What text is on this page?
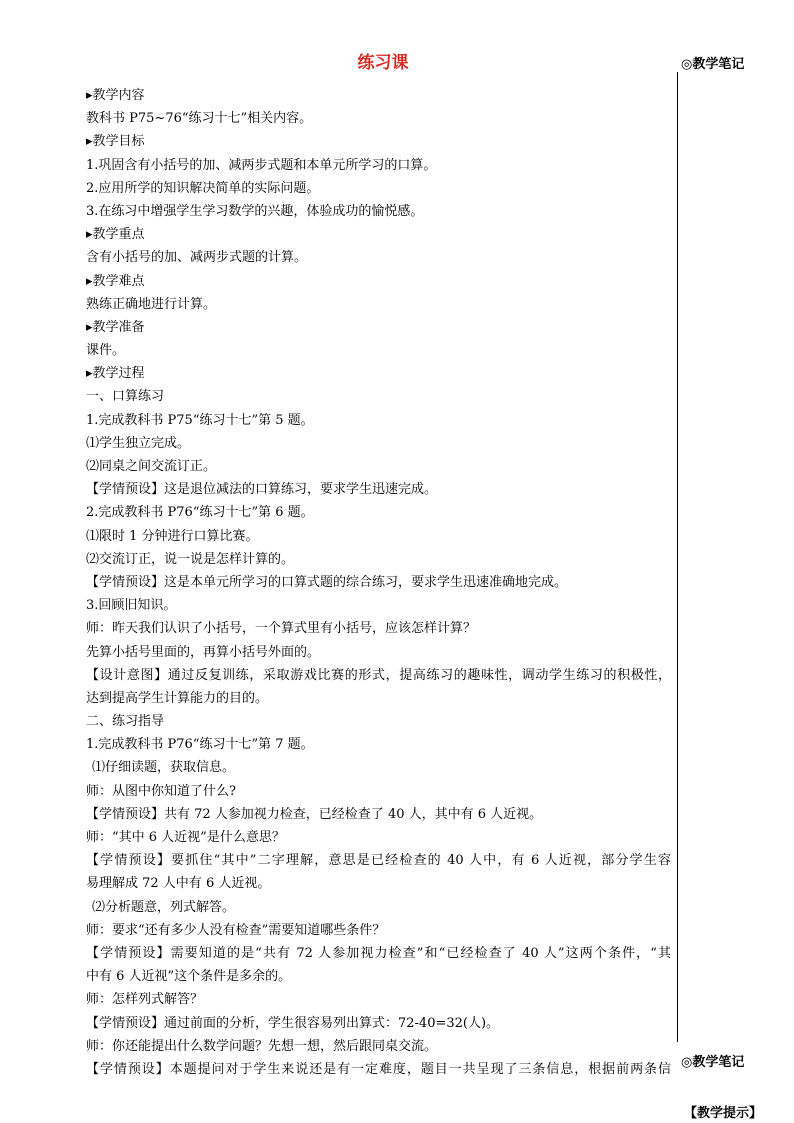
练习课	◎教学笔记
◎教学笔记
【教学提示】
▸教学内容
教科书 P75~76“练习十七”相关内容。
▸教学目标
1.巩固含有小括号的加、减两步式题和本单元所学习的口算。
2.应用所学的知识解决简单的实际问题。
3.在练习中增强学生学习数学的兴趣，体验成功的愉悦感。
▸教学重点
含有小括号的加、减两步式题的计算。
▸教学难点
熟练正确地进行计算。
▸教学准备
课件。
▸教学过程
一、口算练习
1.完成教科书 P75“练习十七”第 5 题。
⑴学生独立完成。
⑵同桌之间交流订正。
【学情预设】这是退位减法的口算练习，要求学生迅速完成。
2.完成教科书 P76“练习十七”第 6 题。
⑴限时 1 分钟进行口算比赛。
⑵交流订正，说一说是怎样计算的。
【学情预设】这是本单元所学习的口算式题的综合练习，要求学生迅速准确地完成。
3.回顾旧知识。
师：昨天我们认识了小括号，一个算式里有小括号，应该怎样计算？
先算小括号里面的，再算小括号外面的。
【设计意图】通过反复训练，采取游戏比赛的形式，提高练习的趣味性，调动学生练习的积极性，
达到提高学生计算能力的目的。
二、练习指导
1.完成教科书 P76“练习十七”第 7 题。
⑴仔细读题，获取信息。
师：从图中你知道了什么?
【学情预设】共有 72 人参加视力检查，已经检查了 40 人，其中有 6 人近视。
师：“其中 6 人近视”是什么意思？
【学情预设】要抓住“其中”二字理解，意思是已经检查的 40 人中，有 6 人近视，部分学生容
易理解成 72 人中有 6 人近视。
⑵分析题意，列式解答。
师：要求“还有多少人没有检查”需要知道哪些条件？
【学情预设】需要知道的是“共有 72 人参加视力检查”和“已经检查了 40 人”这两个条件，“其
中有 6 人近视”这个条件是多余的。
师：怎样列式解答？
【学情预设】通过前面的分析，学生很容易列出算式：72-40=32(人)。
师：你还能提出什么数学问题？先想一想，然后跟同桌交流。
【学情预设】本题提问对于学生来说还是有一定难度，题目一共呈现了三条信息，根据前两条信
